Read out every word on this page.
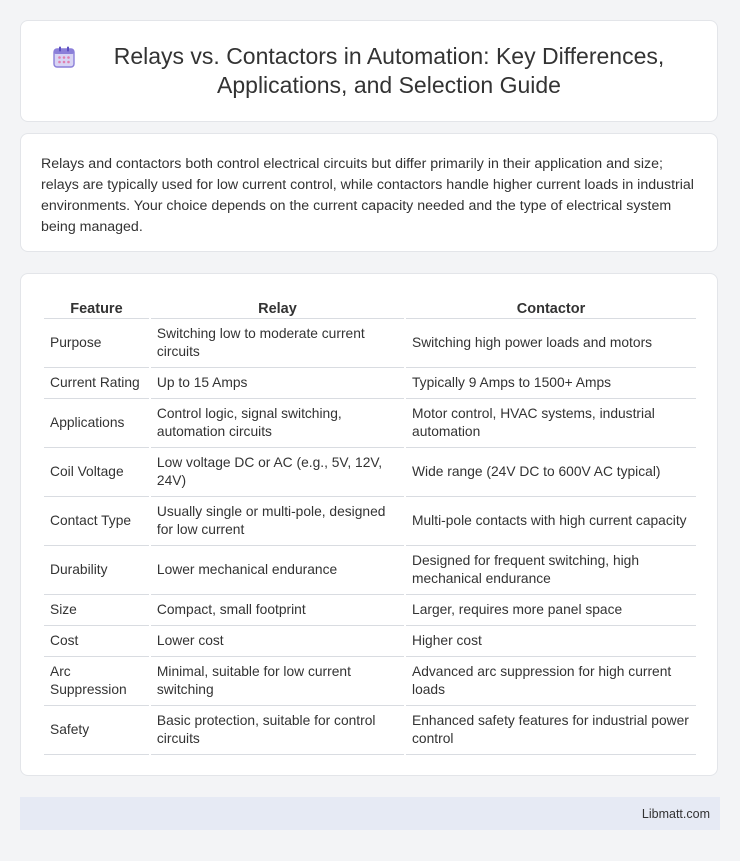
Relays vs. Contactors in Automation: Key Differences, Applications, and Selection Guide

Relays and contactors both control electrical circuits but differ primarily in their application and size; relays are typically used for low current control, while contactors handle higher current loads in industrial environments. Your choice depends on the current capacity needed and the type of electrical system being managed.

Feature	Relay	Contactor
Purpose	Switching low to moderate current circuits	Switching high power loads and motors
Current Rating	Up to 15 Amps	Typically 9 Amps to 1500+ Amps
Applications	Control logic, signal switching, automation circuits	Motor control, HVAC systems, industrial automation
Coil Voltage	Low voltage DC or AC (e.g., 5V, 12V, 24V)	Wide range (24V DC to 600V AC typical)
Contact Type	Usually single or multi-pole, designed for low current	Multi-pole contacts with high current capacity
Durability	Lower mechanical endurance	Designed for frequent switching, high mechanical endurance
Size	Compact, small footprint	Larger, requires more panel space
Cost	Lower cost	Higher cost
Arc Suppression	Minimal, suitable for low current switching	Advanced arc suppression for high current loads
Safety	Basic protection, suitable for control circuits	Enhanced safety features for industrial power control
Libmatt.com
